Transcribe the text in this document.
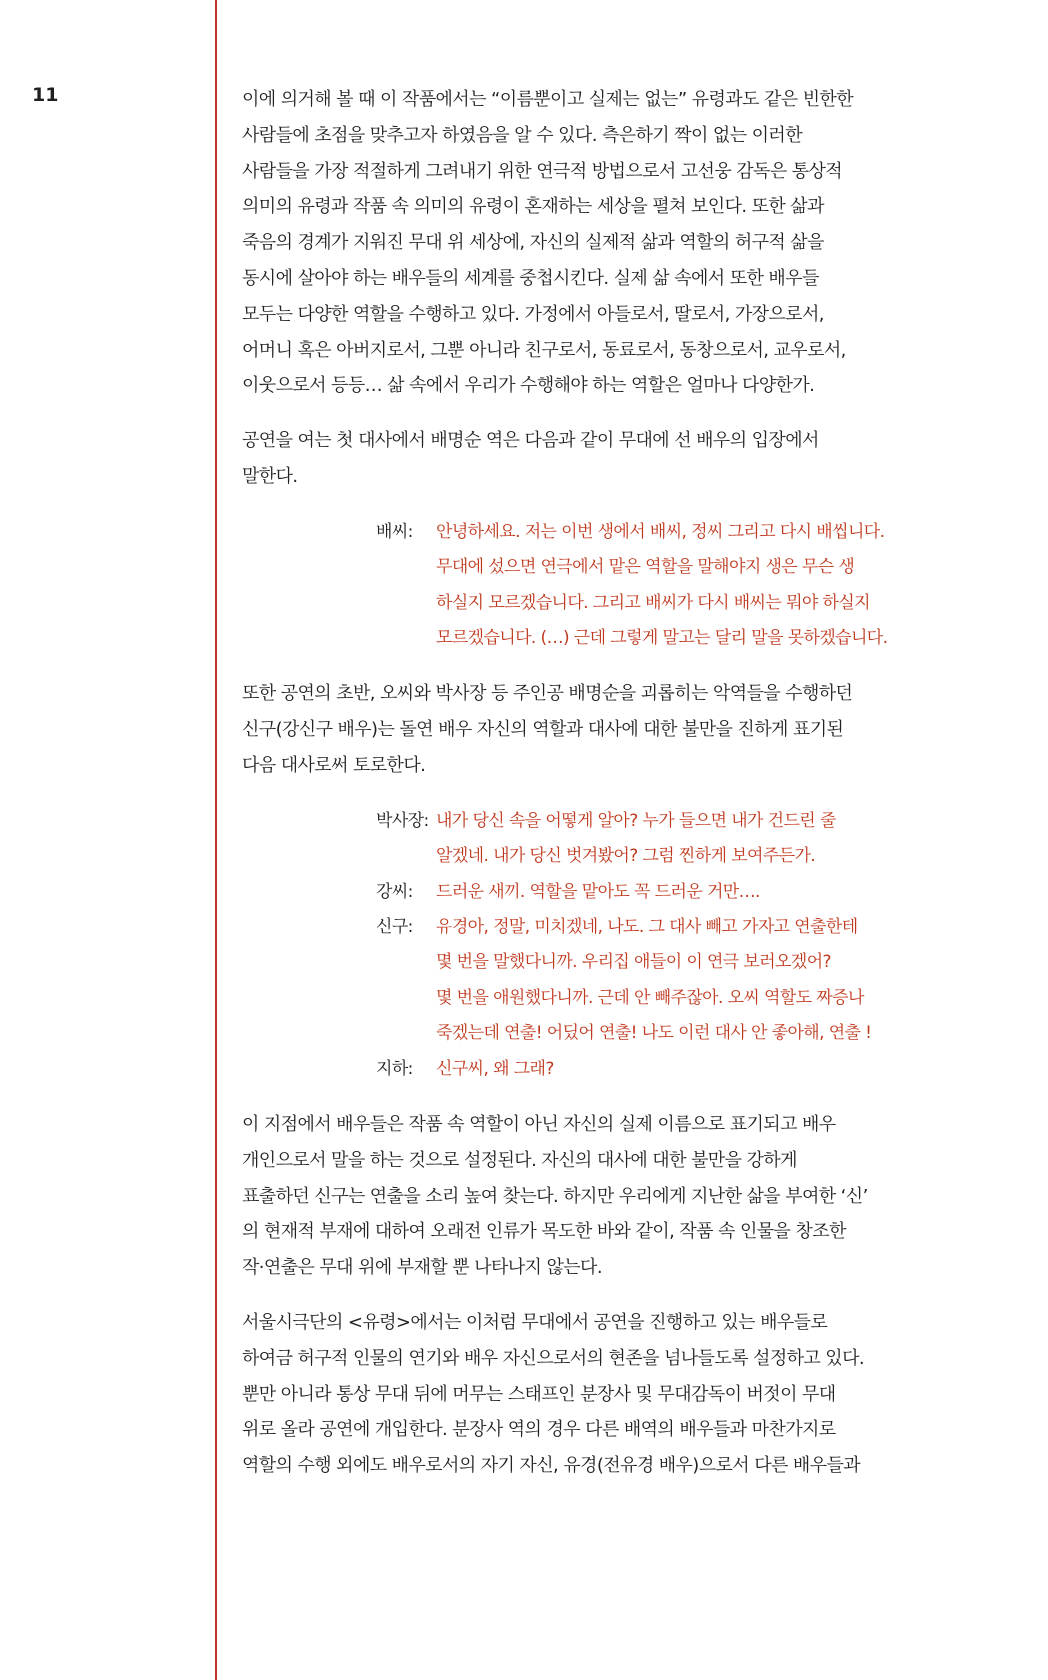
11	이에 의거해 볼 때 이 작품에서는 “이름뿐이고 실제는 없는” 유령과도 같은 빈한한
사람들에 초점을 맞추고자 하였음을 알 수 있다. 측은하기 짝이 없는 이러한
사람들을 가장 적절하게 그려내기 위한 연극적 방법으로서 고선웅 감독은 통상적
의미의 유령과 작품 속 의미의 유령이 혼재하는 세상을 펼쳐 보인다. 또한 삶과
죽음의 경계가 지워진 무대 위 세상에, 자신의 실제적 삶과 역할의 허구적 삶을
동시에 살아야 하는 배우들의 세계를 중첩시킨다. 실제 삶 속에서 또한 배우들
모두는 다양한 역할을 수행하고 있다. 가정에서 아들로서, 딸로서, 가장으로서,
어머니 혹은 아버지로서, 그뿐 아니라 친구로서, 동료로서, 동창으로서, 교우로서,
이웃으로서 등등… 삶 속에서 우리가 수행해야 하는 역할은 얼마나 다양한가.

공연을 여는 첫 대사에서 배명순 역은 다음과 같이 무대에 선 배우의 입장에서
말한다.

배씨:	안녕하세요. 저는 이번 생에서 배씨, 정씨 그리고 다시 배씹니다.
무대에 섰으면 연극에서 맡은 역할을 말해야지 생은 무슨 생
하실지 모르겠습니다. 그리고 배씨가 다시 배씨는 뭐야 하실지
모르겠습니다. (…) 근데 그렇게 말고는 달리 말을 못하겠습니다.

또한 공연의 초반, 오씨와 박사장 등 주인공 배명순을 괴롭히는 악역들을 수행하던
신구(강신구 배우)는 돌연 배우 자신의 역할과 대사에 대한 불만을 진하게 표기된
다음 대사로써 토로한다.

박사장: 내가 당신 속을 어떻게 알아? 누가 들으면 내가 건드린 줄
알겠네. 내가 당신 벗겨봤어? 그럼 찐하게 보여주든가.
강씨:	드러운 새끼. 역할을 맡아도 꼭 드러운 거만….
신구:	유경아, 정말, 미치겠네, 나도. 그 대사 빼고 가자고 연출한테
몇 번을 말했다니까. 우리집 애들이 이 연극 보러오겠어?
몇 번을 애원했다니까. 근데 안 빼주잖아. 오씨 역할도 짜증나
죽겠는데 연출! 어딨어 연출! 나도 이런 대사 안 좋아해, 연출 !
지하:	신구씨, 왜 그래?

이 지점에서 배우들은 작품 속 역할이 아닌 자신의 실제 이름으로 표기되고 배우
개인으로서 말을 하는 것으로 설정된다. 자신의 대사에 대한 불만을 강하게
표출하던 신구는 연출을 소리 높여 찾는다. 하지만 우리에게 지난한 삶을 부여한 ‘신’
의 현재적 부재에 대하여 오래전 인류가 목도한 바와 같이, 작품 속 인물을 창조한
작·연출은 무대 위에 부재할 뿐 나타나지 않는다.

서울시극단의 <유령>에서는 이처럼 무대에서 공연을 진행하고 있는 배우들로
하여금 허구적 인물의 연기와 배우 자신으로서의 현존을 넘나들도록 설정하고 있다.
뿐만 아니라 통상 무대 뒤에 머무는 스태프인 분장사 및 무대감독이 버젓이 무대
위로 올라 공연에 개입한다. 분장사 역의 경우 다른 배역의 배우들과 마찬가지로
역할의 수행 외에도 배우로서의 자기 자신, 유경(전유경 배우)으로서 다른 배우들과
